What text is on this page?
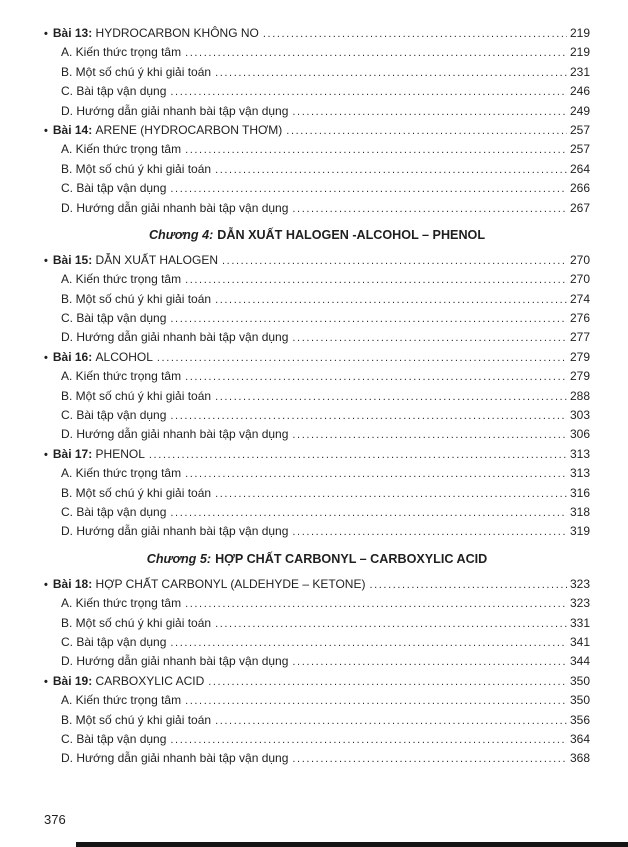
• Bài 13: HYDROCARBON KHÔNG NO .....	219
A. Kiến thức trọng tâm .....	219
B. Một số chú ý khi giải toán .....	231
C. Bài tập vận dụng .....	246
D. Hướng dẫn giải nhanh bài tập vận dụng .....	249
• Bài 14: ARENE (HYDROCARBON THƠM) .....	257
A. Kiến thức trọng tâm .....	257
B. Một số chú ý khi giải toán .....	264
C. Bài tập vận dụng .....	266
D. Hướng dẫn giải nhanh bài tập vận dụng .....	267
Chương 4: DẪN XUẤT HALOGEN -ALCOHOL – PHENOL
• Bài 15: DẪN XUẤT HALOGEN .....	270
A. Kiến thức trọng tâm .....	270
B. Một số chú ý khi giải toán .....	274
C. Bài tập vận dụng .....	276
D. Hướng dẫn giải nhanh bài tập vận dụng .....	277
• Bài 16: ALCOHOL .....	279
A. Kiến thức trọng tâm .....	279
B. Một số chú ý khi giải toán .....	288
C. Bài tập vận dụng .....	303
D. Hướng dẫn giải nhanh bài tập vận dụng .....	306
• Bài 17: PHENOL .....	313
A. Kiến thức trọng tâm .....	313
B. Một số chú ý khi giải toán .....	316
C. Bài tập vận dụng .....	318
D. Hướng dẫn giải nhanh bài tập vận dụng .....	319
Chương 5: HỢP CHẤT CARBONYL – CARBOXYLIC ACID
• Bài 18: HỢP CHẤT CARBONYL (ALDEHYDE – KETONE) .....	323
A. Kiến thức trọng tâm .....	323
B. Một số chú ý khi giải toán .....	331
C. Bài tập vận dụng .....	341
D. Hướng dẫn giải nhanh bài tập vận dụng .....	344
• Bài 19: CARBOXYLIC ACID .....	350
A. Kiến thức trọng tâm .....	350
B. Một số chú ý khi giải toán .....	356
C. Bài tập vận dụng .....	364
D. Hướng dẫn giải nhanh bài tập vận dụng .....	368
376
